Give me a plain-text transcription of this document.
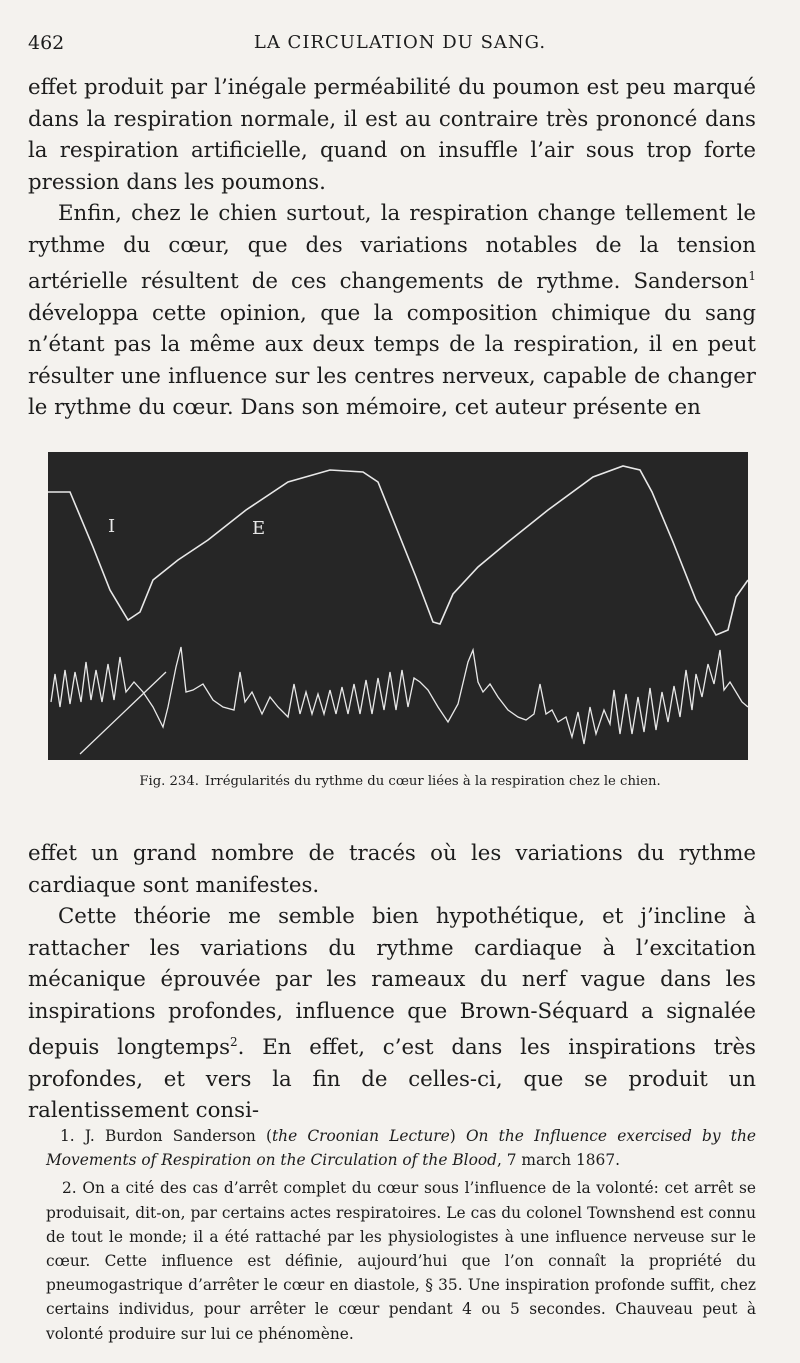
462	LA CIRCULATION DU SANG.

effet produit par l’inégale perméabilité du poumon est peu marqué dans la respiration normale, il est au contraire très prononcé dans la respiration artificielle, quand on insuffle l’air sous trop forte pression dans les poumons.

Enfin, chez le chien surtout, la respiration change tellement le rythme du cœur, que des variations notables de la tension artérielle résultent de ces changements de rythme. Sanderson$^1$ développa cette opinion, que la composition chimique du sang n’étant pas la même aux deux temps de la respiration, il en peut résulter une influence sur les centres nerveux, capable de changer le rythme du cœur. Dans son mémoire, cet auteur présente en

I	E
Fig. 234. Irrégularités du rythme du cœur liées à la respiration chez le chien.

effet un grand nombre de tracés où les variations du rythme cardiaque sont manifestes.

Cette théorie me semble bien hypothétique, et j’incline à rattacher les variations du rythme cardiaque à l’excitation mécanique éprouvée par les rameaux du nerf vague dans les inspirations profondes, influence que Brown-Séquard a signalée depuis longtemps$^2$. En effet, c’est dans les inspirations très profondes, et vers la fin de celles-ci, que se produit un ralentissement consi-

1. J. Burdon Sanderson (the Croonian Lecture) On the Influence exercised by the Movements of Respiration on the Circulation of the Blood, 7 march 1867.

2. On a cité des cas d’arrêt complet du cœur sous l’influence de la volonté: cet arrêt se produisait, dit-on, par certains actes respiratoires. Le cas du colonel Townshend est connu de tout le monde; il a été rattaché par les physiologistes à une influence nerveuse sur le cœur. Cette influence est définie, aujourd’hui que l’on connaît la propriété du pneumogastrique d’arrêter le cœur en diastole, § 35. Une inspiration profonde suffit, chez certains individus, pour arrêter le cœur pendant 4 ou 5 secondes. Chauveau peut à volonté produire sur lui ce phénomène.
